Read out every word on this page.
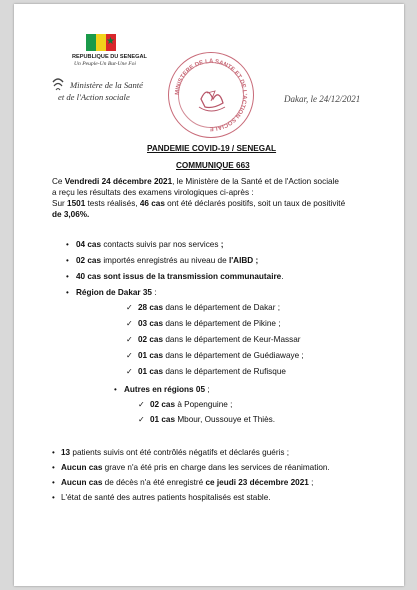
★
REPUBLIQUE DU SENEGAL
Un Peuple-Un But-Une Foi
Ministère de la Santé
et de l'Action sociale	MINISTERE DE LA SANTE ET DE L'ACTION SOCIALE
Dakar, le 24/12/2021
PANDEMIE COVID-19 / SENEGAL
COMMUNIQUE 663
Ce Vendredi 24 décembre 2021, le Ministère de la Santé et de l'Action sociale
a reçu les résultats des examens virologiques ci-après :
Sur 1501 tests réalisés, 46 cas ont été déclarés positifs, soit un taux de positivité
de 3,06%.
• 04 cas contacts suivis par nos services ;
• 02 cas importés enregistrés au niveau de l'AIBD ;
• 40 cas sont issus de la transmission communautaire.
• Région de Dakar 35 :
✓ 28 cas dans le département de Dakar ;
✓ 03 cas dans le département de Pikine ;
✓ 02 cas dans le département de Keur-Massar
✓ 01 cas dans le département de Guédiawaye ;
✓ 01 cas dans le département de Rufisque
• Autres en régions 05 ;
✓ 02 cas à Popenguine ;
✓ 01 cas Mbour, Oussouye et Thiès.
• 13 patients suivis ont été contrôlés négatifs et déclarés guéris ;
• Aucun cas grave n'a été pris en charge dans les services de réanimation.
• Aucun cas de décès n'a été enregistré ce jeudi 23 décembre 2021 ;
• L'état de santé des autres patients hospitalisés est stable.
